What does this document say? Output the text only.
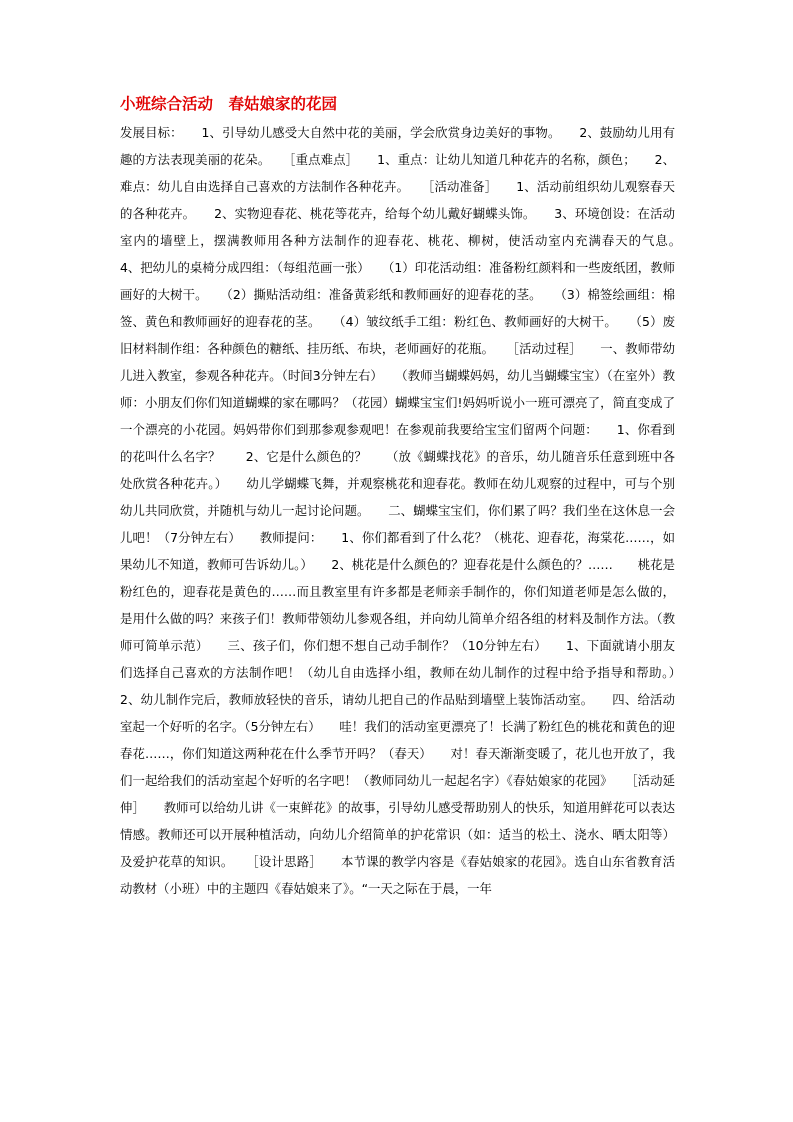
小班综合活动　春姑娘家的花园

发展目标：　　1、引导幼儿感受大自然中花的美丽，学会欣赏身边美好的事物。　　2、鼓励幼儿用有趣的方法表现美丽的花朵。　　［重点难点］　　1、重点：让幼儿知道几种花卉的名称，颜色；　　2、难点：幼儿自由选择自己喜欢的方法制作各种花卉。　　［活动准备］　　1、活动前组织幼儿观察春天的各种花卉。　　2、实物迎春花、桃花等花卉，给每个幼儿戴好蝴蝶头饰。　　3、环境创设：在活动室内的墙壁上，摆满教师用各种方法制作的迎春花、桃花、柳树，使活动室内充满春天的气息。　　4、把幼儿的桌椅分成四组：（每组范画一张）　　（1）印花活动组：准备粉红颜料和一些废纸团，教师画好的大树干。　　（2）撕贴活动组：准备黄彩纸和教师画好的迎春花的茎。　　（3）棉签绘画组：棉签、黄色和教师画好的迎春花的茎。　　（4）皱纹纸手工组：粉红色、教师画好的大树干。　　（5）废旧材料制作组：各种颜色的糖纸、挂历纸、布块，老师画好的花瓶。　　［活动过程］　　一、教师带幼儿进入教室，参观各种花卉。（时间3分钟左右）　　（教师当蝴蝶妈妈，幼儿当蝴蝶宝宝）（在室外）教师：小朋友们你们知道蝴蝶的家在哪吗？（花园）蝴蝶宝宝们!妈妈听说小一班可漂亮了，简直变成了一个漂亮的小花园。妈妈带你们到那参观参观吧！在参观前我要给宝宝们留两个问题：　　1、你看到的花叫什么名字？　　2、它是什么颜色的？　　（放《蝴蝶找花》的音乐，幼儿随音乐任意到班中各处欣赏各种花卉。）　　幼儿学蝴蝶飞舞，并观察桃花和迎春花。教师在幼儿观察的过程中，可与个别幼儿共同欣赏，并随机与幼儿一起讨论问题。　　二、蝴蝶宝宝们，你们累了吗？我们坐在这休息一会儿吧！（7分钟左右）　　教师提问：　　1、你们都看到了什么花？（桃花、迎春花，海棠花……，如果幼儿不知道，教师可告诉幼儿。）　　2、桃花是什么颜色的？迎春花是什么颜色的？……　　桃花是粉红色的，迎春花是黄色的……而且教室里有许多都是老师亲手制作的，你们知道老师是怎么做的，是用什么做的吗？来孩子们！教师带领幼儿参观各组，并向幼儿简单介绍各组的材料及制作方法。（教师可简单示范）　　三、孩子们，你们想不想自己动手制作？（10分钟左右）　　1、下面就请小朋友们选择自己喜欢的方法制作吧！（幼儿自由选择小组，教师在幼儿制作的过程中给予指导和帮助。）　　2、幼儿制作完后，教师放轻快的音乐，请幼儿把自己的作品贴到墙壁上装饰活动室。　　四、给活动室起一个好听的名字。（5分钟左右）　　哇！我们的活动室更漂亮了！长满了粉红色的桃花和黄色的迎春花……，你们知道这两种花在什么季节开吗？（春天）　　对！春天渐渐变暖了，花儿也开放了，我们一起给我们的活动室起个好听的名字吧！（教师同幼儿一起起名字）《春姑娘家的花园》　　［活动延伸］　　教师可以给幼儿讲《一束鲜花》的故事，引导幼儿感受帮助别人的快乐，知道用鲜花可以表达情感。教师还可以开展种植活动，向幼儿介绍简单的护花常识（如：适当的松土、浇水、晒太阳等）及爱护花草的知识。　　［设计思路］　　本节课的教学内容是《春姑娘家的花园》。选自山东省教育活动教材（小班）中的主题四《春姑娘来了》。“一天之际在于晨，一年
